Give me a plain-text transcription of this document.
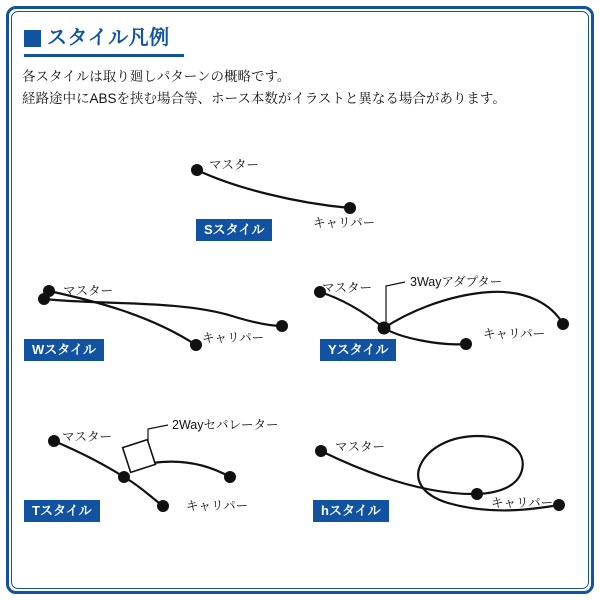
スタイル凡例
各スタイルは取り廻しパターンの概略です。
経路途中にABSを挟む場合等、ホース本数がイラストと異なる場合があります。
マスター
キャリパー
Sスタイル
マスター
キャリパー
Wスタイル
マスター	3Wayアダプター
キャリパー
Yスタイル
マスター
2Wayセパレーター
キャリパー
Tスタイル
マスター
キャリパー
hスタイル
